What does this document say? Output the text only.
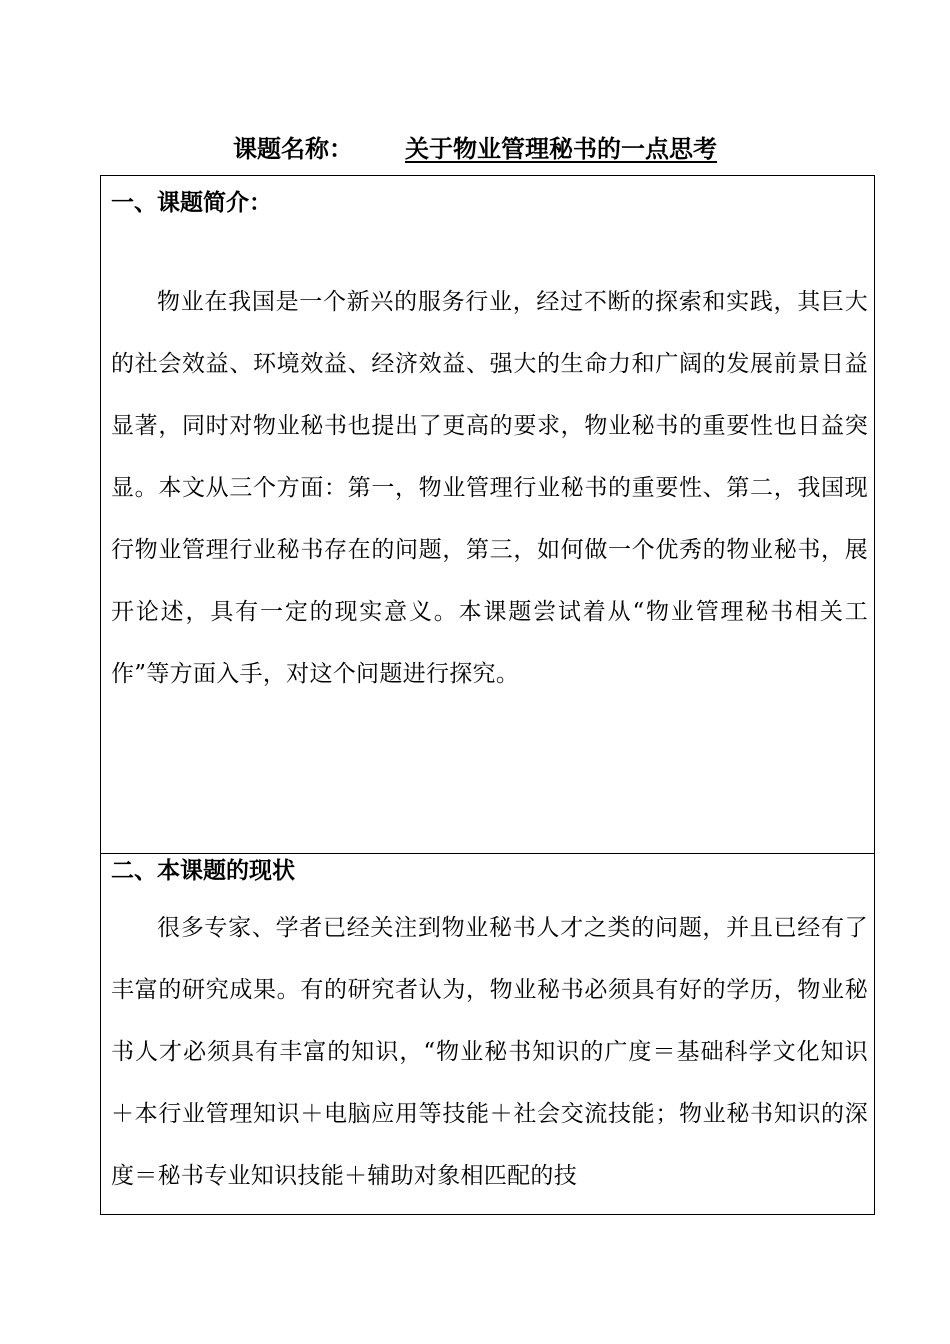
课题名称： 关于物业管理秘书的一点思考
一、课题简介：

物业在我国是一个新兴的服务行业，经过不断的探索和实践，其巨大的社会效益、环境效益、经济效益、强大的生命力和广阔的发展前景日益显著，同时对物业秘书也提出了更高的要求，物业秘书的重要性也日益突显。本文从三个方面：第一，物业管理行业秘书的重要性、第二，我国现行物业管理行业秘书存在的问题，第三，如何做一个优秀的物业秘书，展开论述，具有一定的现实意义。本课题尝试着从“物业管理秘书相关工作”等方面入手，对这个问题进行探究。

二、本课题的现状

很多专家、学者已经关注到物业秘书人才之类的问题，并且已经有了丰富的研究成果。有的研究者认为，物业秘书必须具有好的学历，物业秘书人才必须具有丰富的知识，“物业秘书知识的广度＝基础科学文化知识＋本行业管理知识＋电脑应用等技能＋社会交流技能；物业秘书知识的深度＝秘书专业知识技能＋辅助对象相匹配的技
